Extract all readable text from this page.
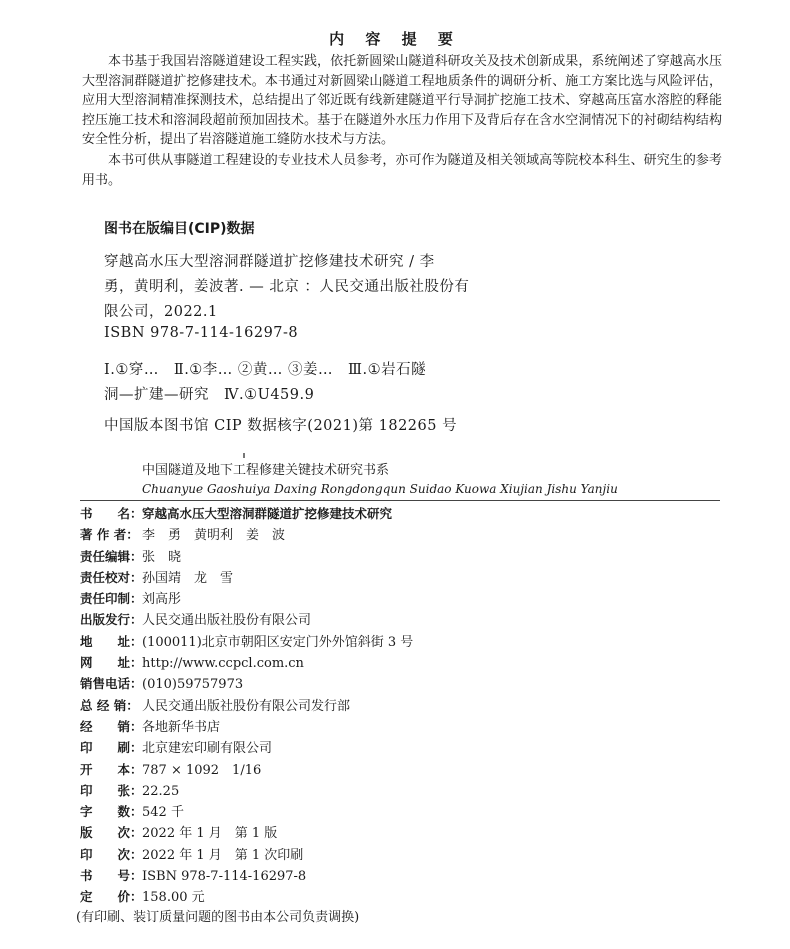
内 容 提 要

本书基于我国岩溶隧道建设工程实践，依托新圆梁山隧道科研攻关及技术创新成果，系统阐述了穿越高水压大型溶洞群隧道扩挖修建技术。本书通过对新圆梁山隧道工程地质条件的调研分析、施工方案比选与风险评估，应用大型溶洞精准探测技术，总结提出了邻近既有线新建隧道平行导洞扩挖施工技术、穿越高压富水溶腔的释能控压施工技术和溶洞段超前预加固技术。基于在隧道外水压力作用下及背后存在含水空洞情况下的衬砌结构结构安全性分析，提出了岩溶隧道施工缝防水技术与方法。

本书可供从事隧道工程建设的专业技术人员参考，亦可作为隧道及相关领域高等院校本科生、研究生的参考用书。

图书在版编目(CIP)数据
穿越高水压大型溶洞群隧道扩挖修建技术研究 / 李
勇，黄明利，姜波著. — 北京 ：人民交通出版社股份有
限公司，2022.1
ISBN 978-7-114-16297-8
Ⅰ.①穿…　Ⅱ.①李… ②黄… ③姜…　Ⅲ.①岩石隧
洞—扩建—研究　Ⅳ.①U459.9
中国版本图书馆 CIP 数据核字(2021)第 182265 号
中国隧道及地下工程修建关键技术研究书系
Chuanyue Gaoshuiya Daxing Rongdongqun Suidao Kuowa Xiujian Jishu Yanjiu
书　　名：穿越高水压大型溶洞群隧道扩挖修建技术研究
著 作 者： 李　勇　黄明利　姜　波
责任编辑：张　晓
责任校对：孙国靖　龙　雪
责任印制：刘高彤
出版发行：人民交通出版社股份有限公司
地　　址：(100011)北京市朝阳区安定门外外馆斜街 3 号
网　　址：http://www.ccpcl.com.cn
销售电话：(010)59757973
总 经 销： 人民交通出版社股份有限公司发行部
经　　销：各地新华书店
印　　刷：北京建宏印刷有限公司
开　　本：787 × 1092　1/16
印　　张：22.25
字　　数：542 千
版　　次：2022 年 1 月　第 1 版
印　　次：2022 年 1 月　第 1 次印刷
书　　号：ISBN 978-7-114-16297-8
定　　价：158.00 元
(有印刷、装订质量问题的图书由本公司负责调换)
